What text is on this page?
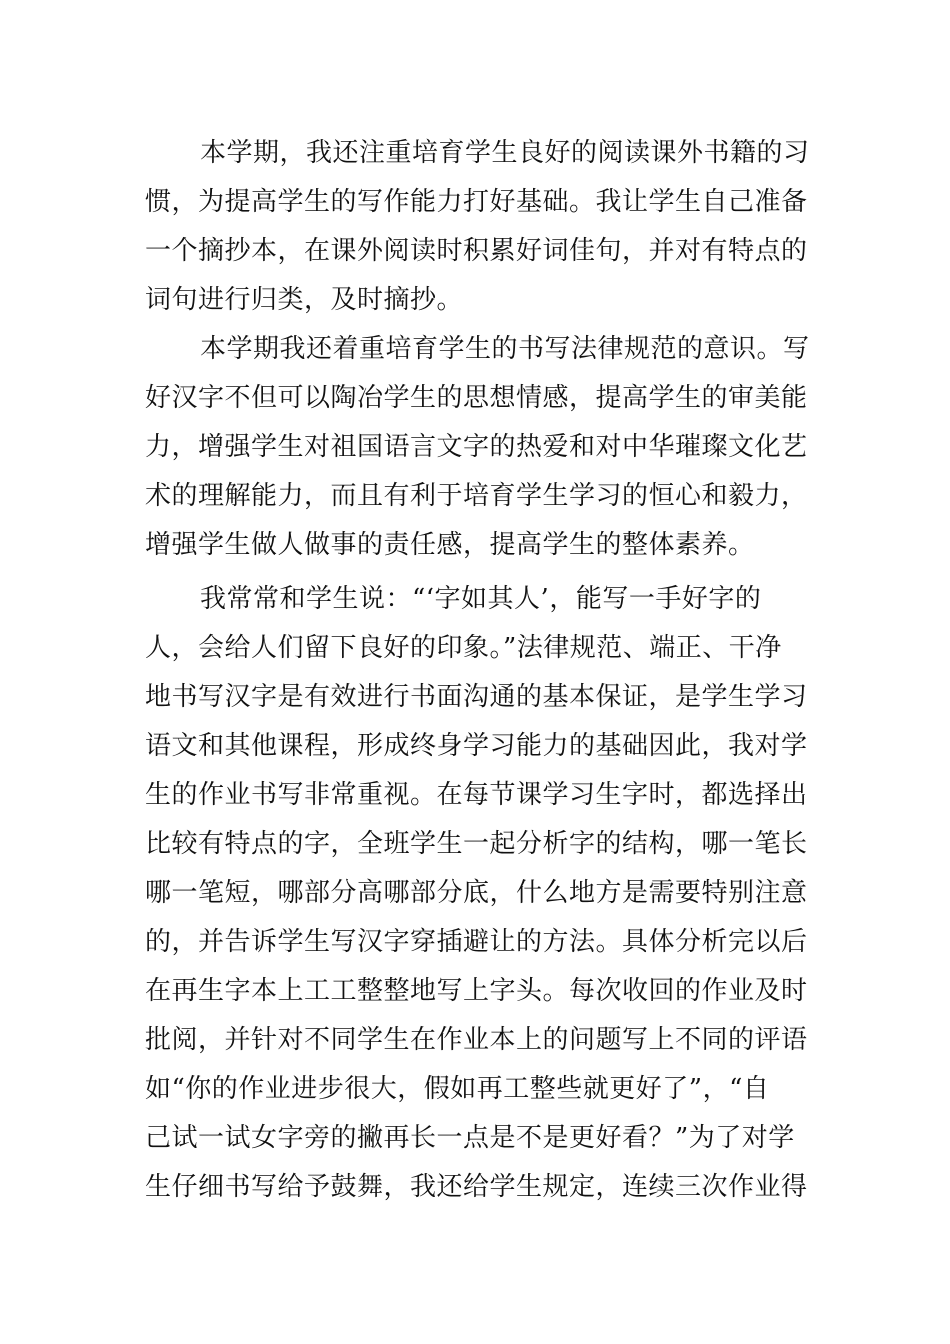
本学期，我还注重培育学生良好的阅读课外书籍的习

惯，为提高学生的写作能力打好基础。我让学生自己准备

一个摘抄本，在课外阅读时积累好词佳句，并对有特点的

词句进行归类，及时摘抄。

本学期我还着重培育学生的书写法律规范的意识。写

好汉字不但可以陶冶学生的思想情感，提高学生的审美能

力，增强学生对祖国语言文字的热爱和对中华璀璨文化艺

术的理解能力，而且有利于培育学生学习的恒心和毅力，

增强学生做人做事的责任感，提高学生的整体素养。

我常常和学生说：“‘字如其人’，能写一手好字的

人，会给人们留下良好的印象。”法律规范、端正、干净

地书写汉字是有效进行书面沟通的基本保证，是学生学习

语文和其他课程，形成终身学习能力的基础因此，我对学

生的作业书写非常重视。在每节课学习生字时，都选择出

比较有特点的字，全班学生一起分析字的结构，哪一笔长

哪一笔短，哪部分高哪部分底，什么地方是需要特别注意

的，并告诉学生写汉字穿插避让的方法。具体分析完以后

在再生字本上工工整整地写上字头。每次收回的作业及时

批阅，并针对不同学生在作业本上的问题写上不同的评语

如“你的作业进步很大，假如再工整些就更好了”，“自

己试一试女字旁的撇再长一点是不是更好看？”为了对学

生仔细书写给予鼓舞，我还给学生规定，连续三次作业得
